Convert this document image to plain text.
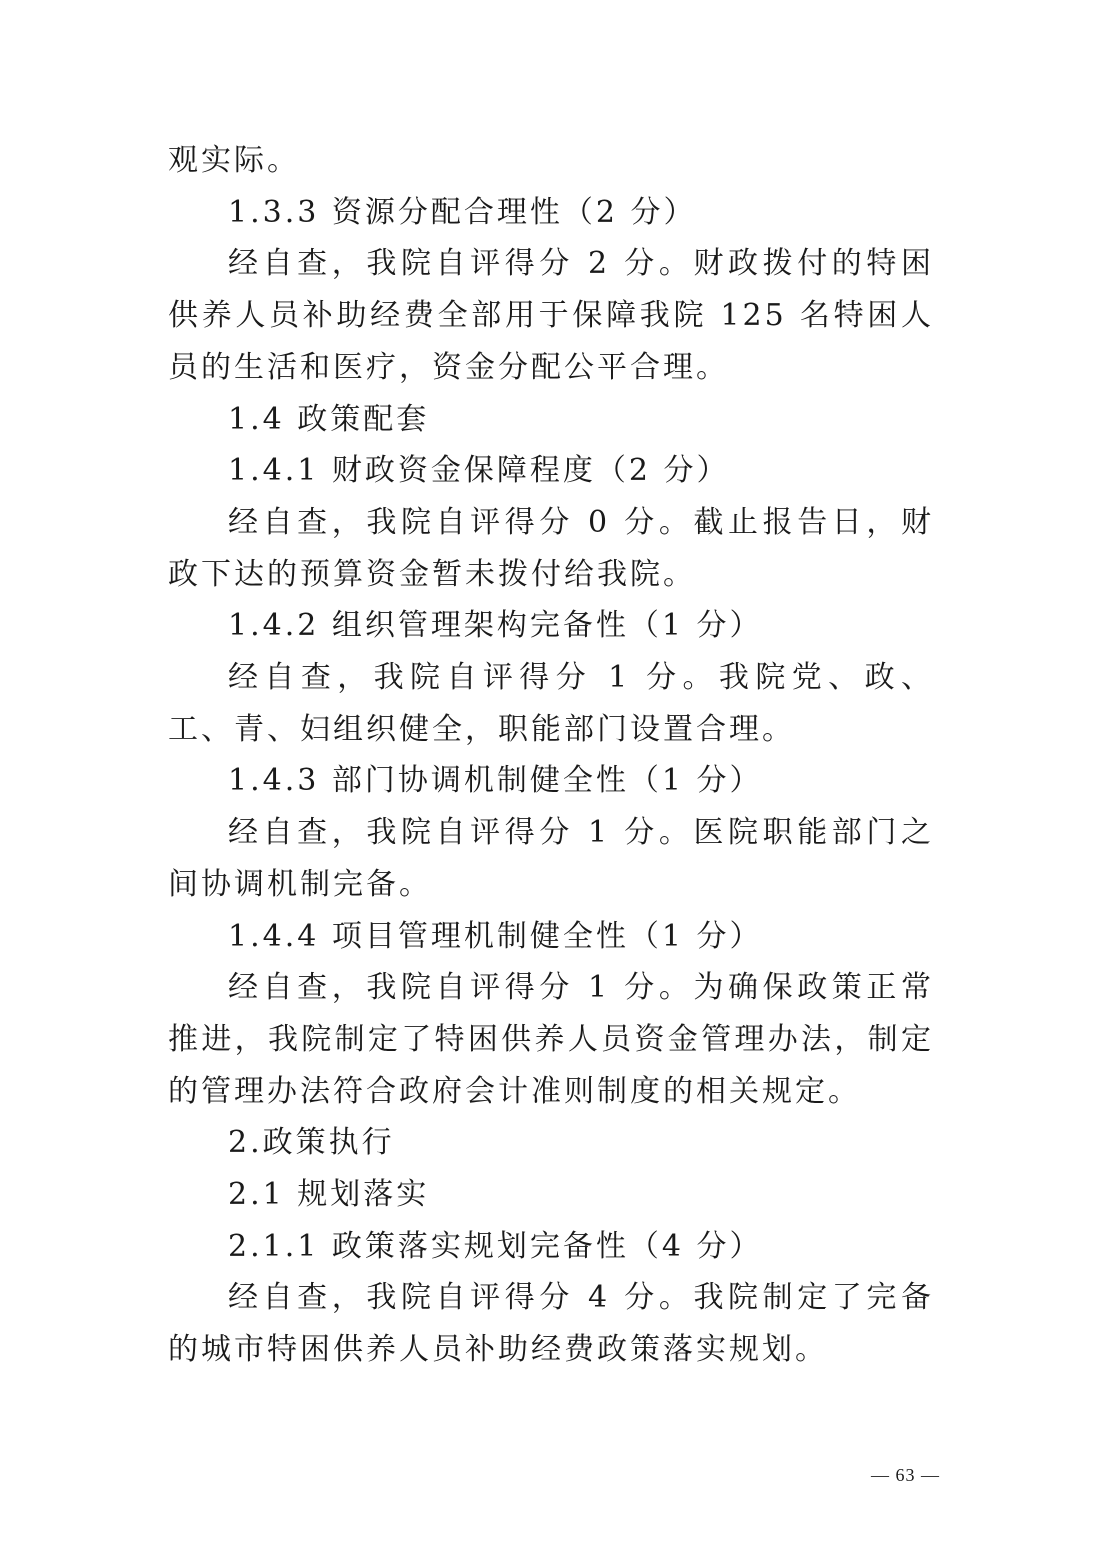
观实际。

1.3.3 资源分配合理性（2 分）

经自查，我院自评得分 2 分。财政拨付的特困供养人员补助经费全部用于保障我院 125 名特困人员的生活和医疗，资金分配公平合理。

1.4 政策配套

1.4.1 财政资金保障程度（2 分）

经自查，我院自评得分 0 分。截止报告日，财政下达的预算资金暂未拨付给我院。

1.4.2 组织管理架构完备性（1 分）

经自查，我院自评得分 1 分。我院党、政、工、青、妇组织健全，职能部门设置合理。

1.4.3 部门协调机制健全性（1 分）

经自查，我院自评得分 1 分。医院职能部门之间协调机制完备。

1.4.4 项目管理机制健全性（1 分）

经自查，我院自评得分 1 分。为确保政策正常推进，我院制定了特困供养人员资金管理办法，制定的管理办法符合政府会计准则制度的相关规定。

2.政策执行

2.1 规划落实

2.1.1 政策落实规划完备性（4 分）

经自查，我院自评得分 4 分。我院制定了完备的城市特困供养人员补助经费政策落实规划。

— 63 —
